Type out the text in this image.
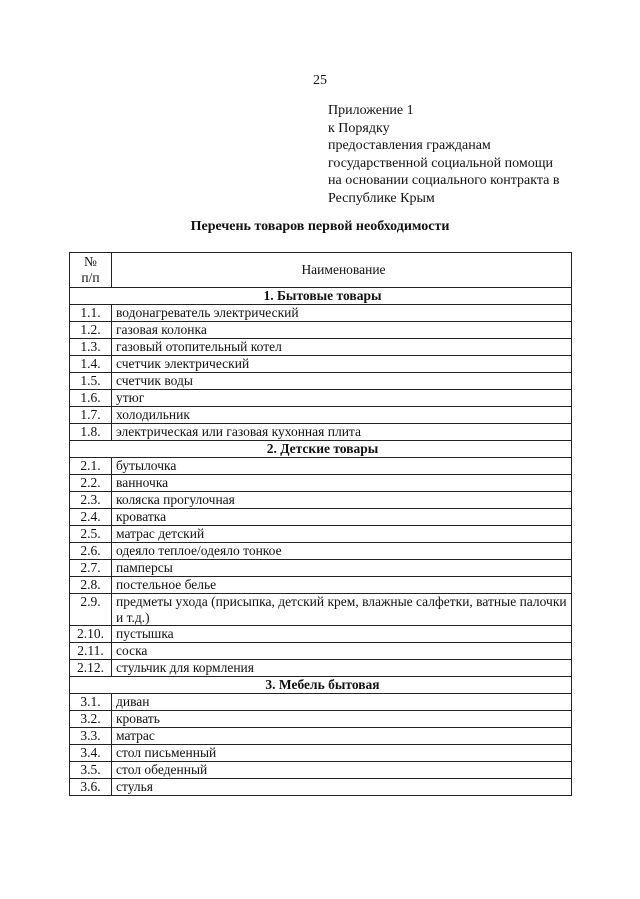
25
Приложение 1
к Порядку
предоставления гражданам
государственной социальной помощи
на основании социального контракта в
Республике Крым
Перечень товаров первой необходимости
№
п/п	Наименование
1. Бытовые товары	
1.1.	водонагреватель электрический
1.2.	газовая колонка
1.3.	газовый отопительный котел
1.4.	счетчик электрический
1.5.	счетчик воды
1.6.	утюг
1.7.	холодильник
1.8.	электрическая или газовая кухонная плита
2. Детские товары	
2.1.	бутылочка
2.2.	ванночка
2.3.	коляска прогулочная
2.4.	кроватка
2.5.	матрас детский
2.6.	одеяло теплое/одеяло тонкое
2.7.	памперсы
2.8.	постельное белье
2.9.	предметы ухода (присыпка, детский крем, влажные салфетки, ватные палочки и т.д.)
2.10.	пустышка
2.11.	соска
2.12.	стульчик для кормления
3. Мебель бытовая	
3.1.	диван
3.2.	кровать
3.3.	матрас
3.4.	стол письменный
3.5.	стол обеденный
3.6.	стулья
